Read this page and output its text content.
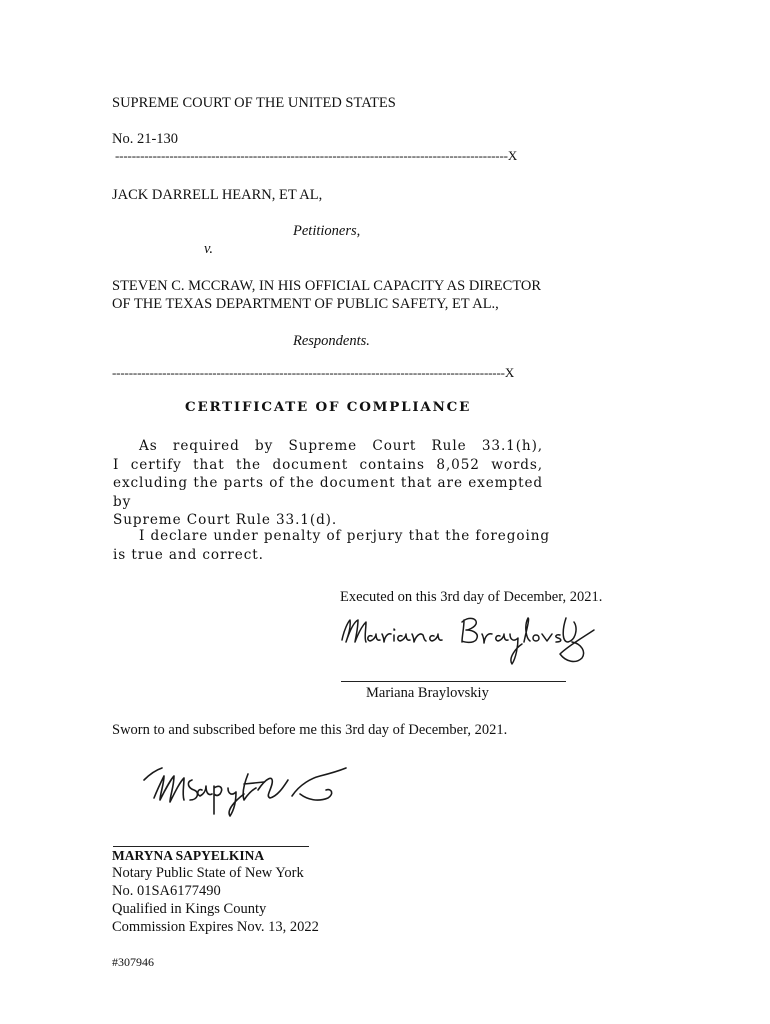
SUPREME COURT OF THE UNITED STATES
No. 21-130
----------------------------------------------------------------------------------------------X
JACK DARRELL HEARN, ET AL,
Petitioners,
v.
STEVEN C. MCCRAW, IN HIS OFFICIAL CAPACITY AS DIRECTOR
OF THE TEXAS DEPARTMENT OF PUBLIC SAFETY, ET AL.,
Respondents.
----------------------------------------------------------------------------------------------X
CERTIFICATE OF COMPLIANCE
As required by Supreme Court Rule 33.1(h),
I certify that the document contains 8,052 words,
excluding the parts of the document that are exempted by
Supreme Court Rule 33.1(d).
I declare under penalty of perjury that the foregoing
is true and correct.
Executed on this 3rd day of December, 2021.
Mariana Braylovskiy
Sworn to and subscribed before me this 3rd day of December, 2021.
MARYNA SAPYELKINA
Notary Public State of New York
No. 01SA6177490
Qualified in Kings County
Commission Expires Nov. 13, 2022
#307946
